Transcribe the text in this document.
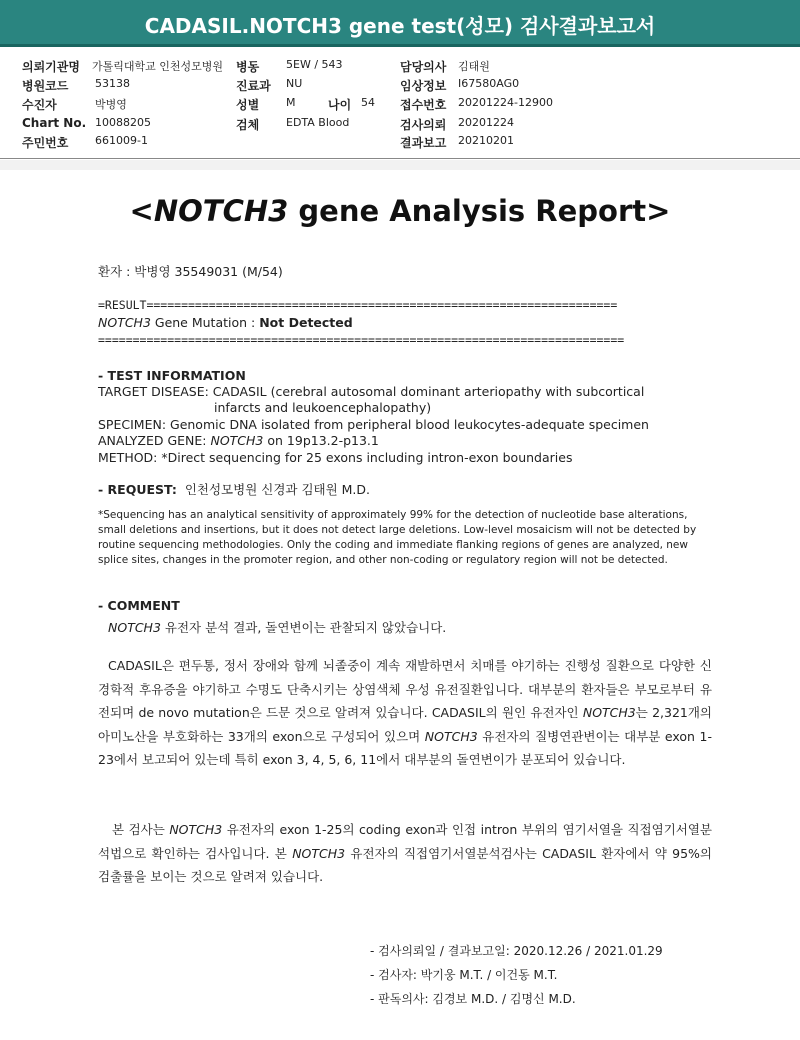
CADASIL.NOTCH3 gene test(성모) 검사결과보고서
의뢰기관명 가톨릭대학교 인천성모병원 병동 5EW / 543	담당의사 김태원
병원코드 53138	진료과 NU	임상정보 I67580AG0
수진자	박병영	성별 M	나이 54 접수번호 20201224-12900
Chart No. 10088205	검체 EDTA Blood	검사의뢰 20201224
주민번호 661009-1	결과보고 20210201
<NOTCH3 gene Analysis Report>
환자 : 박병영 35549031 (M/54)
=RESULT====================================================================
NOTCH3 Gene Mutation : Not Detected
============================================================================
- TEST INFORMATION
TARGET DISEASE: CADASIL (cerebral autosomal dominant arteriopathy with subcortical
infarcts and leukoencephalopathy)
SPECIMEN: Genomic DNA isolated from peripheral blood leukocytes-adequate specimen
ANALYZED GENE: NOTCH3 on 19p13.2-p13.1
METHOD: *Direct sequencing for 25 exons including intron-exon boundaries
- REQUEST: 인천성모병원 신경과 김태원 M.D.
*Sequencing has an analytical sensitivity of approximately 99% for the detection of nucleotide base alterations, small deletions and insertions, but it does not detect large deletions. Low-level mosaicism will not be detected by routine sequencing methodologies. Only the coding and immediate flanking regions of genes are analyzed, new splice sites, changes in the promoter region, and other non-coding or regulatory region will not be detected.
- COMMENT
NOTCH3 유전자 분석 결과, 돌연변이는 관찰되지 않았습니다.
CADASIL은 편두통, 정서 장애와 함께 뇌졸중이 계속 재발하면서 치매를 야기하는 진행성 질환으로 다양한 신경학적 후유증을 야기하고 수명도 단축시키는 상염색체 우성 유전질환입니다. 대부분의 환자들은 부모로부터 유전되며 de novo mutation은 드문 것으로 알려져 있습니다. CADASIL의 원인 유전자인 NOTCH3는 2,321개의 아미노산을 부호화하는 33개의 exon으로 구성되어 있으며 NOTCH3 유전자의 질병연관변이는 대부분 exon 1-23에서 보고되어 있는데 특히 exon 3, 4, 5, 6, 11에서 대부분의 돌연변이가 분포되어 있습니다.
본 검사는 NOTCH3 유전자의 exon 1-25의 coding exon과 인접 intron 부위의 염기서열을 직접염기서열분석법으로 확인하는 검사입니다. 본 NOTCH3 유전자의 직접염기서열분석검사는 CADASIL 환자에서 약 95%의 검출률을 보이는 것으로 알려져 있습니다.
- 검사의뢰일 / 결과보고일: 2020.12.26 / 2021.01.29
- 검사자: 박기웅 M.T. / 이건동 M.T.
- 판독의사: 김경보 M.D. / 김명신 M.D.
